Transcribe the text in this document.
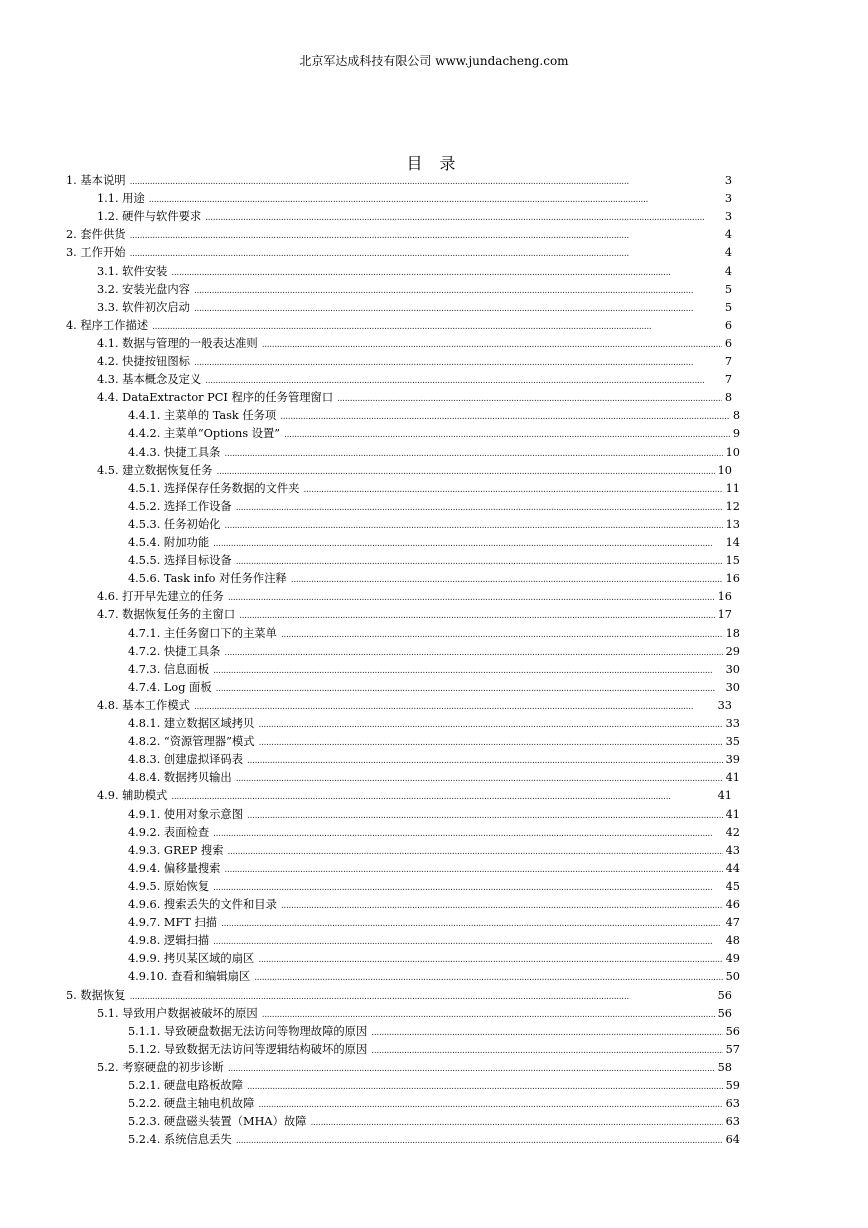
北京军达成科技有限公司 www.jundacheng.com
目 录
1. 基本说明 . . .	3
1.1. 用途 . . .	3
1.2. 硬件与软件要求 . . .	3
2. 套件供货 . . .	4
3. 工作开始 . . .	4
3.1. 软件安装 . . .	4
3.2. 安装光盘内容 . . .	5
3.3. 软件初次启动 . . .	5
4. 程序工作描述 . . .	6
4.1. 数据与管理的一般表达准则 . . .	6
4.2. 快捷按钮图标 . . .	7
4.3. 基本概念及定义 . . .	7
4.4. DataExtractor PCI 程序的任务管理窗口 . . .	8
4.4.1. 主菜单的 Task 任务项 . . .	8
4.4.2. 主菜单“Options 设置” . . .	9
4.4.3. 快捷工具条 . . .	10
4.5. 建立数据恢复任务 . . .	10
4.5.1. 选择保存任务数据的文件夹 . . .	11
4.5.2. 选择工作设备 . . .	12
4.5.3. 任务初始化 . . .	13
4.5.4. 附加功能 . . .	14
4.5.5. 选择目标设备 . . .	15
4.5.6. Task info 对任务作注释 . . .	16
4.6. 打开早先建立的任务 . . .	16
4.7. 数据恢复任务的主窗口 . . .	17
4.7.1. 主任务窗口下的主菜单 . . .	18
4.7.2. 快捷工具条 . . .	29
4.7.3. 信息面板 . . .	30
4.7.4. Log 面板 . . .	30
4.8. 基本工作模式 . . .	33
4.8.1. 建立数据区域拷贝 . . .	33
4.8.2. “资源管理器”模式 . . .	35
4.8.3. 创建虚拟译码表 . . .	39
4.8.4. 数据拷贝输出 . . .	41
4.9. 辅助模式 . . .	41
4.9.1. 使用对象示意图 . . .	41
4.9.2. 表面检查 . . .	42
4.9.3. GREP 搜索 . . .	43
4.9.4. 偏移量搜索 . . .	44
4.9.5. 原始恢复 . . .	45
4.9.6. 搜索丢失的文件和目录 . . .	46
4.9.7. MFT 扫描 . . .	47
4.9.8. 逻辑扫描 . . .	48
4.9.9. 拷贝某区域的扇区 . . .	49
4.9.10. 查看和编辑扇区 . . .	50
5. 数据恢复 . . .	56
5.1. 导致用户数据被破坏的原因 . . .	56
5.1.1. 导致硬盘数据无法访问等物理故障的原因 . . .	56
5.1.2. 导致数据无法访问等逻辑结构破坏的原因 . . .	57
5.2. 考察硬盘的初步诊断 . . .	58
5.2.1. 硬盘电路板故障 . . .	59
5.2.2. 硬盘主轴电机故障 . . .	63
5.2.3. 硬盘磁头装置（MHA）故障 . . .	63
5.2.4. 系统信息丢失 . . .	64
